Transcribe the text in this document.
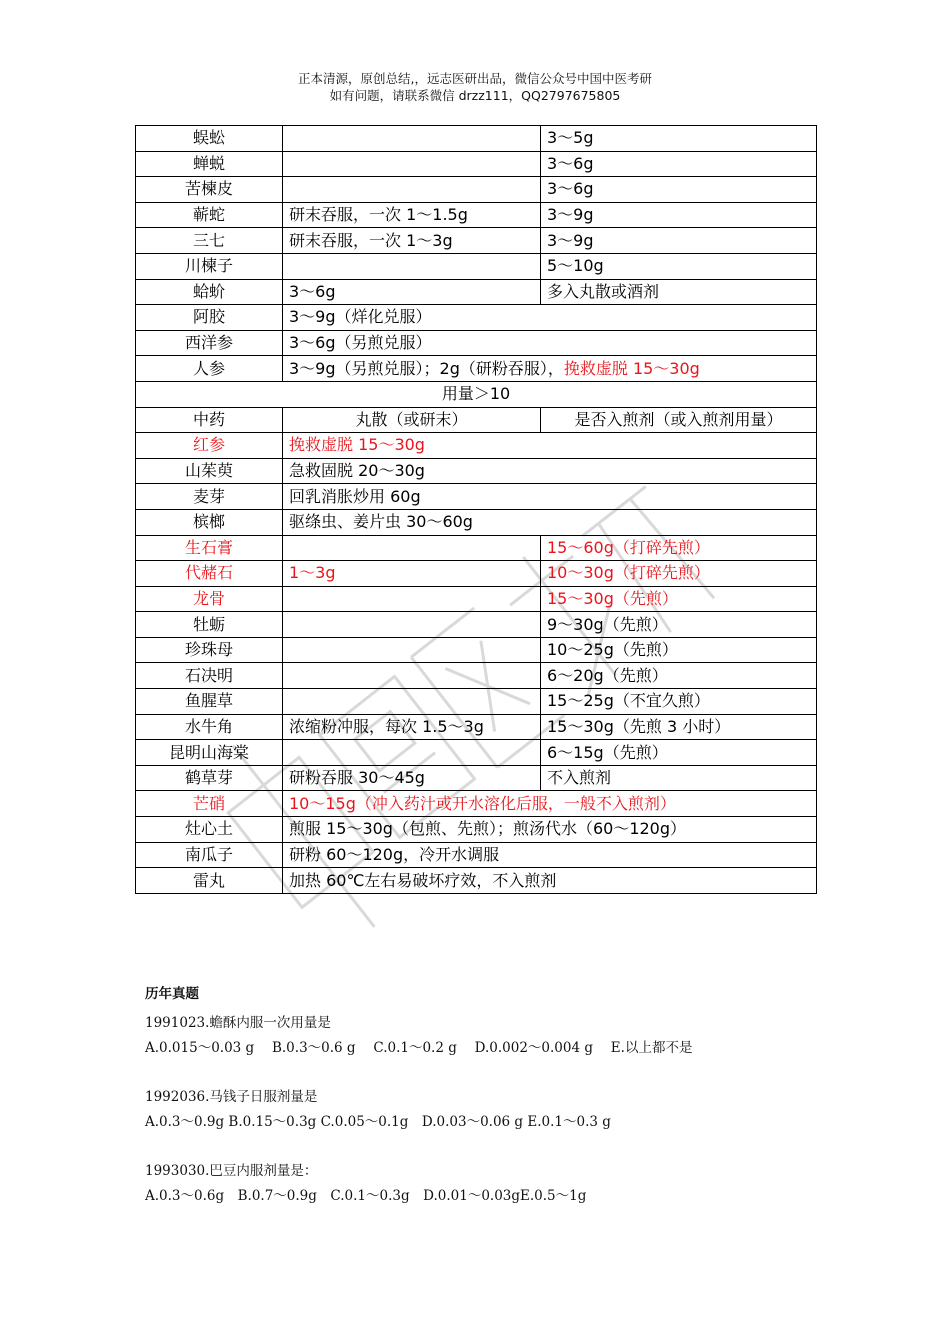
正本清源，原创总结,，远志医研出品，微信公众号中国中医考研
如有问题，请联系微信 drzz111，QQ2797675805
蜈蚣		3～5g
蝉蜕		3～6g
苦楝皮		3～6g
蕲蛇	研末吞服，一次 1～1.5g	3～9g
三七	研末吞服，一次 1～3g	3～9g
川楝子		5～10g
蛤蚧	3～6g	多入丸散或酒剂
阿胶	3～9g（烊化兑服）	
西洋参	3～6g（另煎兑服）	
人参	3～9g（另煎兑服）；2g（研粉吞服），挽救虚脱 15～30g	
用量＞10		
中药	丸散（或研末）	是否入煎剂（或入煎剂用量）
红参	挽救虚脱 15～30g	
山茱萸	急救固脱 20～30g	
麦芽	回乳消胀炒用 60g	
槟榔	驱绦虫、姜片虫 30～60g	
生石膏		15～60g（打碎先煎）
代赭石	1～3g	10～30g（打碎先煎）
龙骨		15～30g（先煎）
牡蛎		9～30g（先煎）
珍珠母		10～25g（先煎）
石决明		6～20g（先煎）
鱼腥草		15～25g（不宜久煎）
水牛角	浓缩粉冲服，每次 1.5～3g	15～30g（先煎 3 小时）
昆明山海棠		6～15g（先煎）
鹤草芽	研粉吞服 30～45g	不入煎剂
芒硝	10～15g（冲入药汁或开水溶化后服，一般不入煎剂）	
灶心土	煎服 15～30g（包煎、先煎）；煎汤代水（60～120g）	
南瓜子	研粉 60～120g，冷开水调服	
雷丸	加热 60℃左右易破坏疗效，不入煎剂	
历年真题
1991023.蟾酥内服一次用量是
A.0.015～0.03 g　 B.0.3～0.6 g　 C.0.1～0.2 g　 D.0.002～0.004 g　 E.以上都不是
1992036.马钱子日服剂量是
A.0.3～0.9g B.0.15～0.3g C.0.05～0.1g　D.0.03～0.06 g E.0.1～0.3 g
1993030.巴豆内服剂量是：
A.0.3～0.6g　B.0.7～0.9g　C.0.1～0.3g　D.0.01～0.03gE.0.5～1g
